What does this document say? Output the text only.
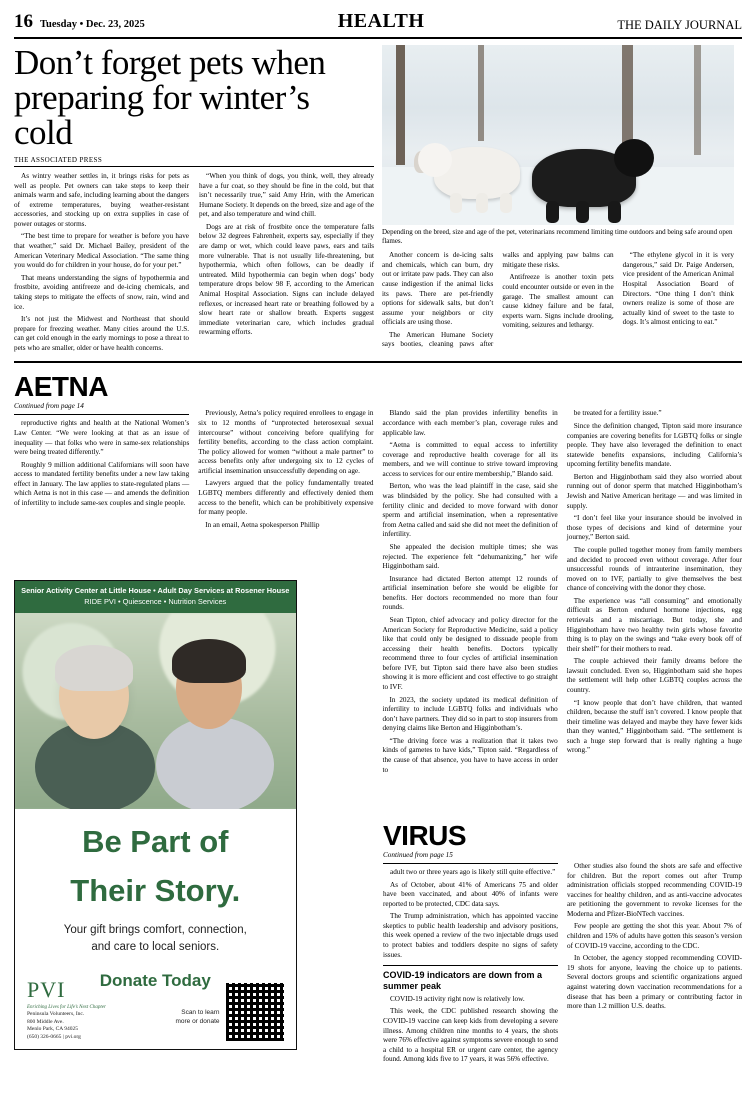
16 Tuesday • Dec. 23, 2025	HEALTH	THE DAILY JOURNAL
Don’t forget pets when preparing for winter’s cold
THE ASSOCIATED PRESS

As wintry weather settles in, it brings risks for pets as well as people. Pet owners can take steps to keep their animals warm and safe, including learning about the dangers of extreme temperatures, buying weather-resistant accessories, and stocking up on extra supplies in case of power outages or storms.

“The best time to prepare for weather is before you have that weather,” said Dr. Michael Bailey, president of the American Veterinary Medical Association. “The same thing you would do for children in your house, do for your pet.”

That means understanding the signs of hypothermia and frostbite, avoiding antifreeze and de-icing chemicals, and taking steps to mitigate the effects of snow, rain, wind and ice.

It’s not just the Midwest and Northeast that should prepare for freezing weather. Many cities around the U.S. can get cold enough in the early mornings to pose a threat to pets who are smaller, older or have health concerns.

“When you think of dogs, you think, well, they already have a fur coat, so they should be fine in the cold, but that isn’t necessarily true,” said Amy Hrin, with the American Humane Society. It depends on the breed, size and age of the pet, and also temperature and wind chill.

Dogs are at risk of frostbite once the temperature falls below 32 degrees Fahrenheit, experts say, especially if they are damp or wet, which could leave paws, ears and tails more vulnerable. That is not usually life-threatening, but hypothermia, which often follows, can be deadly if untreated. Mild hypothermia can begin when dogs’ body temperature drops below 98 F, according to the American Animal Hospital Association. Signs can include delayed reflexes, or increased heart rate or breathing followed by a slow heart rate or shallow breath. Experts suggest immediate veterinarian care, which includes gradual rewarming efforts.

Depending on the breed, size and age of the pet, veterinarians recommend limiting time outdoors and being safe around open flames.

Another concern is de-icing salts and chemicals, which can burn, dry out or irritate paw pads. They can also cause indigestion if the animal licks its paws. There are pet-friendly options for sidewalk salts, but don’t assume your neighbors or city officials are using those.

The American Humane Society says booties, cleaning paws after walks and applying paw balms can mitigate these risks.

Antifreeze is another toxin pets could encounter outside or even in the garage. The smallest amount can cause kidney failure and be fatal, experts warn. Signs include drooling, vomiting, seizures and lethargy.

“The ethylene glycol in it is very dangerous,” said Dr. Paige Andersen, vice president of the American Animal Hospital Association Board of Directors. “One thing I don’t think owners realize is some of those are actually kind of sweet to the taste to dogs. It’s almost enticing to eat.”

AETNA
Continued from page 14

reproductive rights and health at the National Women’s Law Center. “We were looking at that as an issue of inequality — that folks who were in same-sex relationships were being treated differently.”

Roughly 9 million additional Californians will soon have access to mandated fertility benefits under a new law taking effect in January. The law applies to state-regulated plans — which Aetna is not in this case — and amends the definition of infertility to include same-sex couples and single people.

Previously, Aetna’s policy required enrollees to engage in six to 12 months of “unprotected heterosexual sexual intercourse” without conceiving before qualifying for fertility benefits, according to the class action complaint. The policy allowed for women “without a male partner” to access benefits only after undergoing six to 12 cycles of artificial insemination unsuccessfully depending on age.

Lawyers argued that the policy fundamentally treated LGBTQ members differently and effectively denied them access to the benefit, which can be prohibitively expensive for many people.

In an email, Aetna spokesperson Phillip

Blando said the plan provides infertility benefits in accordance with each member’s plan, coverage rules and applicable law.

“Aetna is committed to equal access to infertility coverage and reproductive health coverage for all its members, and we will continue to strive toward improving access to services for our entire membership,” Blando said.

Berton, who was the lead plaintiff in the case, said she was blindsided by the policy. She had consulted with a fertility clinic and decided to move forward with donor sperm and artificial insemination, when a representative from Aetna called and said she did not meet the definition of infertility.

She appealed the decision multiple times; she was rejected. The experience felt “dehumanizing,” her wife Higginbotham said.

Insurance had dictated Berton attempt 12 rounds of artificial insemination before she would be eligible for benefits. Her doctors recommended no more than four rounds.

Sean Tipton, chief advocacy and policy director for the American Society for Reproductive Medicine, said a policy like that could only be designed to dissuade people from accessing their health benefits. Doctors typically recommend three to four cycles of artificial insemination before IVF, but Tipton said there have also been studies showing it is more efficient and cost effective to go straight to IVF.

In 2023, the society updated its medical definition of infertility to include LGBTQ folks and individuals who don’t have partners. They did so in part to stop insurers from denying claims like Berton and Higginbotham’s.

“The driving force was a realization that it takes two kinds of gametes to have kids,” Tipton said. “Regardless of the cause of that absence, you have to have access in order to

be treated for a fertility issue.”

Since the definition changed, Tipton said more insurance companies are covering benefits for LGBTQ folks or single people. They have also leveraged the definition to enact statewide benefits expansions, including California’s upcoming fertility benefits mandate.

Berton and Higginbotham said they also worried about running out of donor sperm that matched Higginbotham’s Jewish and Native American heritage — and was limited in supply.

“I don’t feel like your insurance should be involved in those types of decisions and kind of determine your journey,” Berton said.

The couple pulled together money from family members and decided to proceed even without coverage. After four unsuccessful rounds of intrauterine insemination, they moved on to IVF, partially to give themselves the best chance of conceiving with the donor they chose.

The experience was “all consuming” and emotionally difficult as Berton endured hormone injections, egg retrievals and a miscarriage. But today, she and Higginbotham have two healthy twin girls whose favorite thing is to play on the swings and “take every book off of their shelf” for their mothers to read.

The couple achieved their family dreams before the lawsuit concluded. Even so, Higginbotham said she hopes the settlement will help other LGBTQ couples across the country.

“I know people that don’t have children, that wanted children, because the stuff isn’t covered. I know people that their timeline was delayed and maybe they have fewer kids than they wanted,” Higginbotham said. “The settlement is such a huge step forward that is really righting a huge wrong.”

Senior Activity Center at Little House • Adult Day Services at Rosener House
RIDE PVI • Quiescence • Nutrition Services
Be Part of
Their Story.
Your gift brings comfort, connection,
and care to local seniors.
Donate Today
PVI
Enriching Lives for Life’s Next Chapter
Peninsula Volunteers, Inc.
800 Middle Ave.
Menlo Park, CA 94025
(650) 326-0665 | pvi.org
Scan to learn
more or donate
VIRUS
Continued from page 15

adult two or three years ago is likely still quite effective.”

As of October, about 41% of Americans 75 and older have been vaccinated, and about 40% of infants were reported to be protected, CDC data says.

The Trump administration, which has appointed vaccine skeptics to public health leadership and advisory positions, this week opened a review of the two injectable drugs used to protect babies and toddlers despite no signs of safety issues.

COVID-19 indicators are down from a summer peak

COVID-19 activity right now is relatively low.

This week, the CDC published research showing the COVID-19 vaccine can keep kids from developing a severe illness. Among children nine months to 4 years, the shots were 76% effective against symptoms severe enough to send a child to a hospital ER or urgent care center, the agency found. Among kids five to 17 years, it was 56% effective.

Other studies also found the shots are safe and effective for children. But the report comes out after Trump administration officials stopped recommending COVID-19 vaccines for healthy children, and as anti-vaccine advocates are petitioning the government to revoke licenses for the Moderna and Pfizer-BioNTech vaccines.

Few people are getting the shot this year. About 7% of children and 15% of adults have gotten this season’s version of COVID-19 vaccine, according to the CDC.

In October, the agency stopped recommending COVID-19 shots for anyone, leaving the choice up to patients. Several doctors groups and scientific organizations argued against watering down vaccination recommendations for a disease that has been a primary or contributing factor in more than 1.2 million U.S. deaths.
